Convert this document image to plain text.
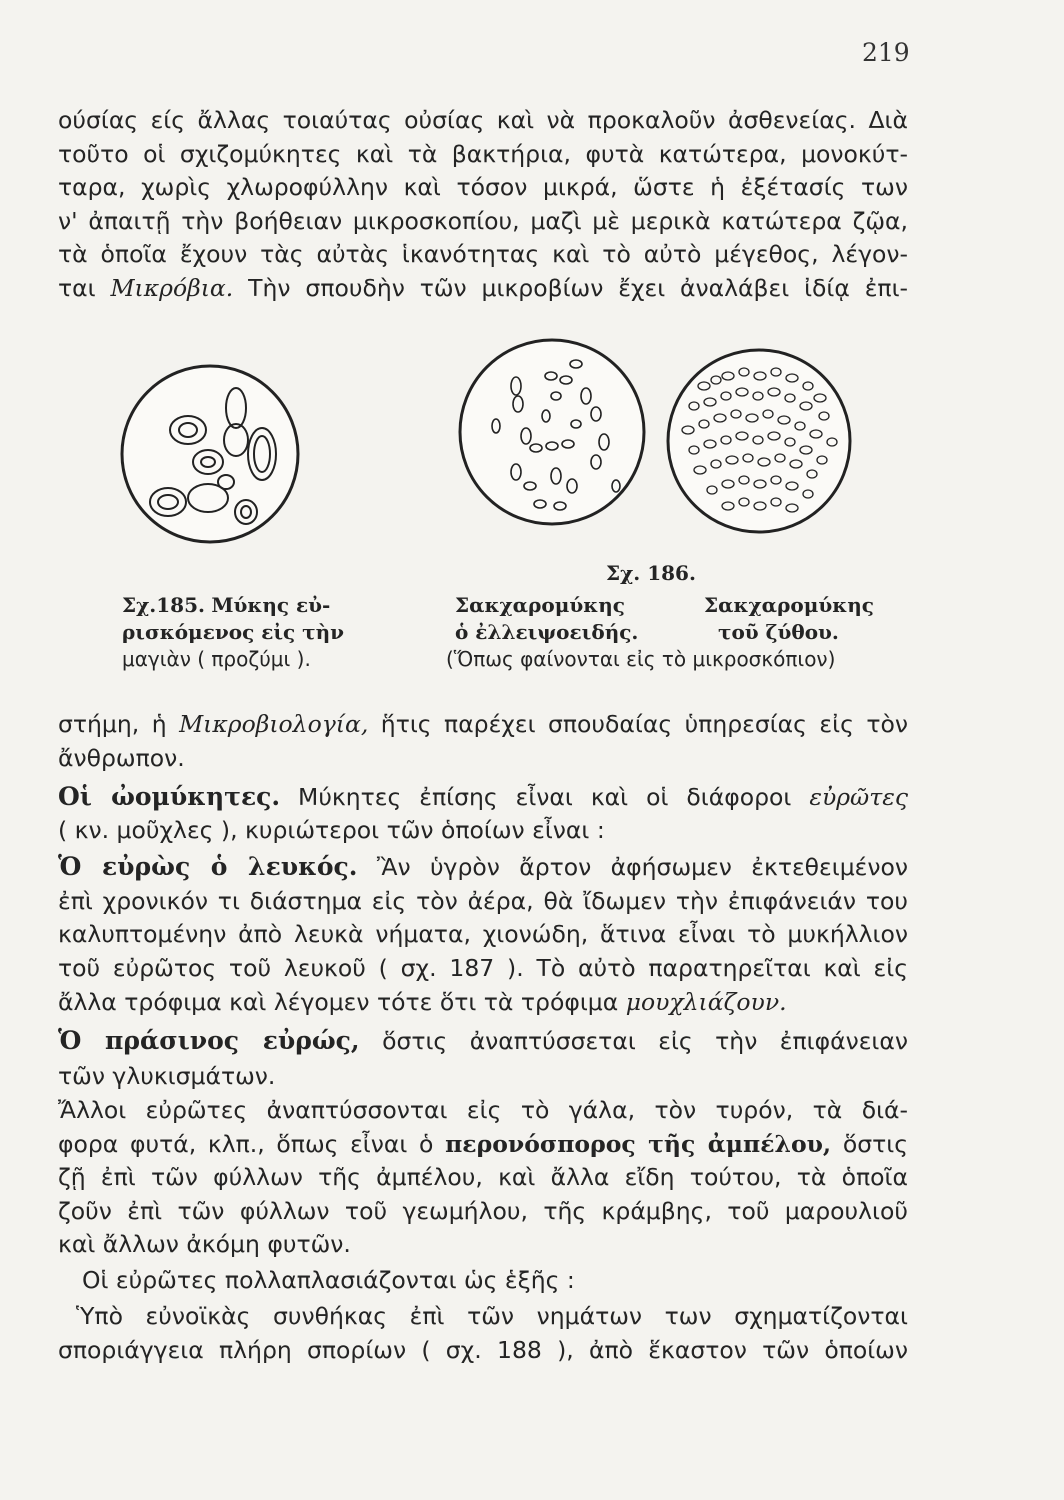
219
ούσίας είς ἄλλας τοιαύτας οὐσίας καὶ νὰ προκαλοῦν ἀσθενείας. Διὰ
τοῦτο οἱ σχιζομύκητες καὶ τὰ βακτήρια, φυτὰ κατώτερα, μονοκύτ-
ταρα, χωρὶς χλωροφύλλην καὶ τόσον μικρά, ὥστε ἡ ἐξέτασίς των
ν' ἀπαιτῇ τὴν βοήθειαν μικροσκοπίου, μαζὶ μὲ μερικὰ κατώτερα ζῷα,
τὰ ὁποῖα ἔχουν τὰς αὐτὰς ἱκανότητας καὶ τὸ αὐτὸ μέγεθος, λέγον-
ται Μικρόβια. Τὴν σπουδὴν τῶν μικροβίων ἔχει ἀναλάβει ἰδίᾳ ἐπι-
Σχ. 186.
Σχ.185. Μύκης εὐ-
ρισκόμενος εἰς τὴν
μαγιὰν ( προζύμι ).
Σακχαρομύκης
ὁ ἐλλειψοειδής.
Σακχαρομύκης
τοῦ ζύθου.
(Ὅπως φαίνονται εἰς τὸ μικροσκόπιον)
στήμη, ἡ Μικροβιολογία, ἥτις παρέχει σπουδαίας ὑπηρεσίας εἰς τὸν
ἄνθρωπον.
Οἱ ὠομύκητες. Μύκητες ἐπίσης εἶναι καὶ οἱ διάφοροι εὐρῶτες
( κν. μοῦχλες ), κυριώτεροι τῶν ὁποίων εἶναι :
Ὁ εὐρὼς ὁ λευκός. Ἂν ὑγρὸν ἄρτον ἀφήσωμεν ἐκτεθειμένον
ἐπὶ χρονικόν τι διάστημα εἰς τὸν ἀέρα, θὰ ἴδωμεν τὴν ἐπιφάνειάν του
καλυπτομένην ἀπὸ λευκὰ νήματα, χιονώδη, ἅτινα εἶναι τὸ μυκήλλιον
τοῦ εὐρῶτος τοῦ λευκοῦ ( σχ. 187 ). Τὸ αὐτὸ παρατηρεῖται καὶ εἰς
ἄλλα τρόφιμα καὶ λέγομεν τότε ὅτι τὰ τρόφιμα μουχλιάζουν.
Ὁ πράσινος εὐρώς, ὅστις ἀναπτύσσεται εἰς τὴν ἐπιφάνειαν
τῶν γλυκισμάτων.
Ἄλλοι εὐρῶτες ἀναπτύσσονται εἰς τὸ γάλα, τὸν τυρόν, τὰ διά-
φορα φυτά, κλπ., ὅπως εἶναι ὁ περονόσπορος τῆς ἀμπέλου, ὅστις
ζῇ ἐπὶ τῶν φύλλων τῆς ἀμπέλου, καὶ ἄλλα εἴδη τούτου, τὰ ὁποῖα
ζοῦν ἐπὶ τῶν φύλλων τοῦ γεωμήλου, τῆς κράμβης, τοῦ μαρουλιοῦ
καὶ ἄλλων ἀκόμη φυτῶν.
Οἱ εὐρῶτες πολλαπλασιάζονται ὡς ἑξῆς :
Ὑπὸ εὐνοϊκὰς συνθήκας ἐπὶ τῶν νημάτων των σχηματίζονται
σποριάγγεια πλήρη σπορίων ( σχ. 188 ), ἀπὸ ἕκαστον τῶν ὁποίων
